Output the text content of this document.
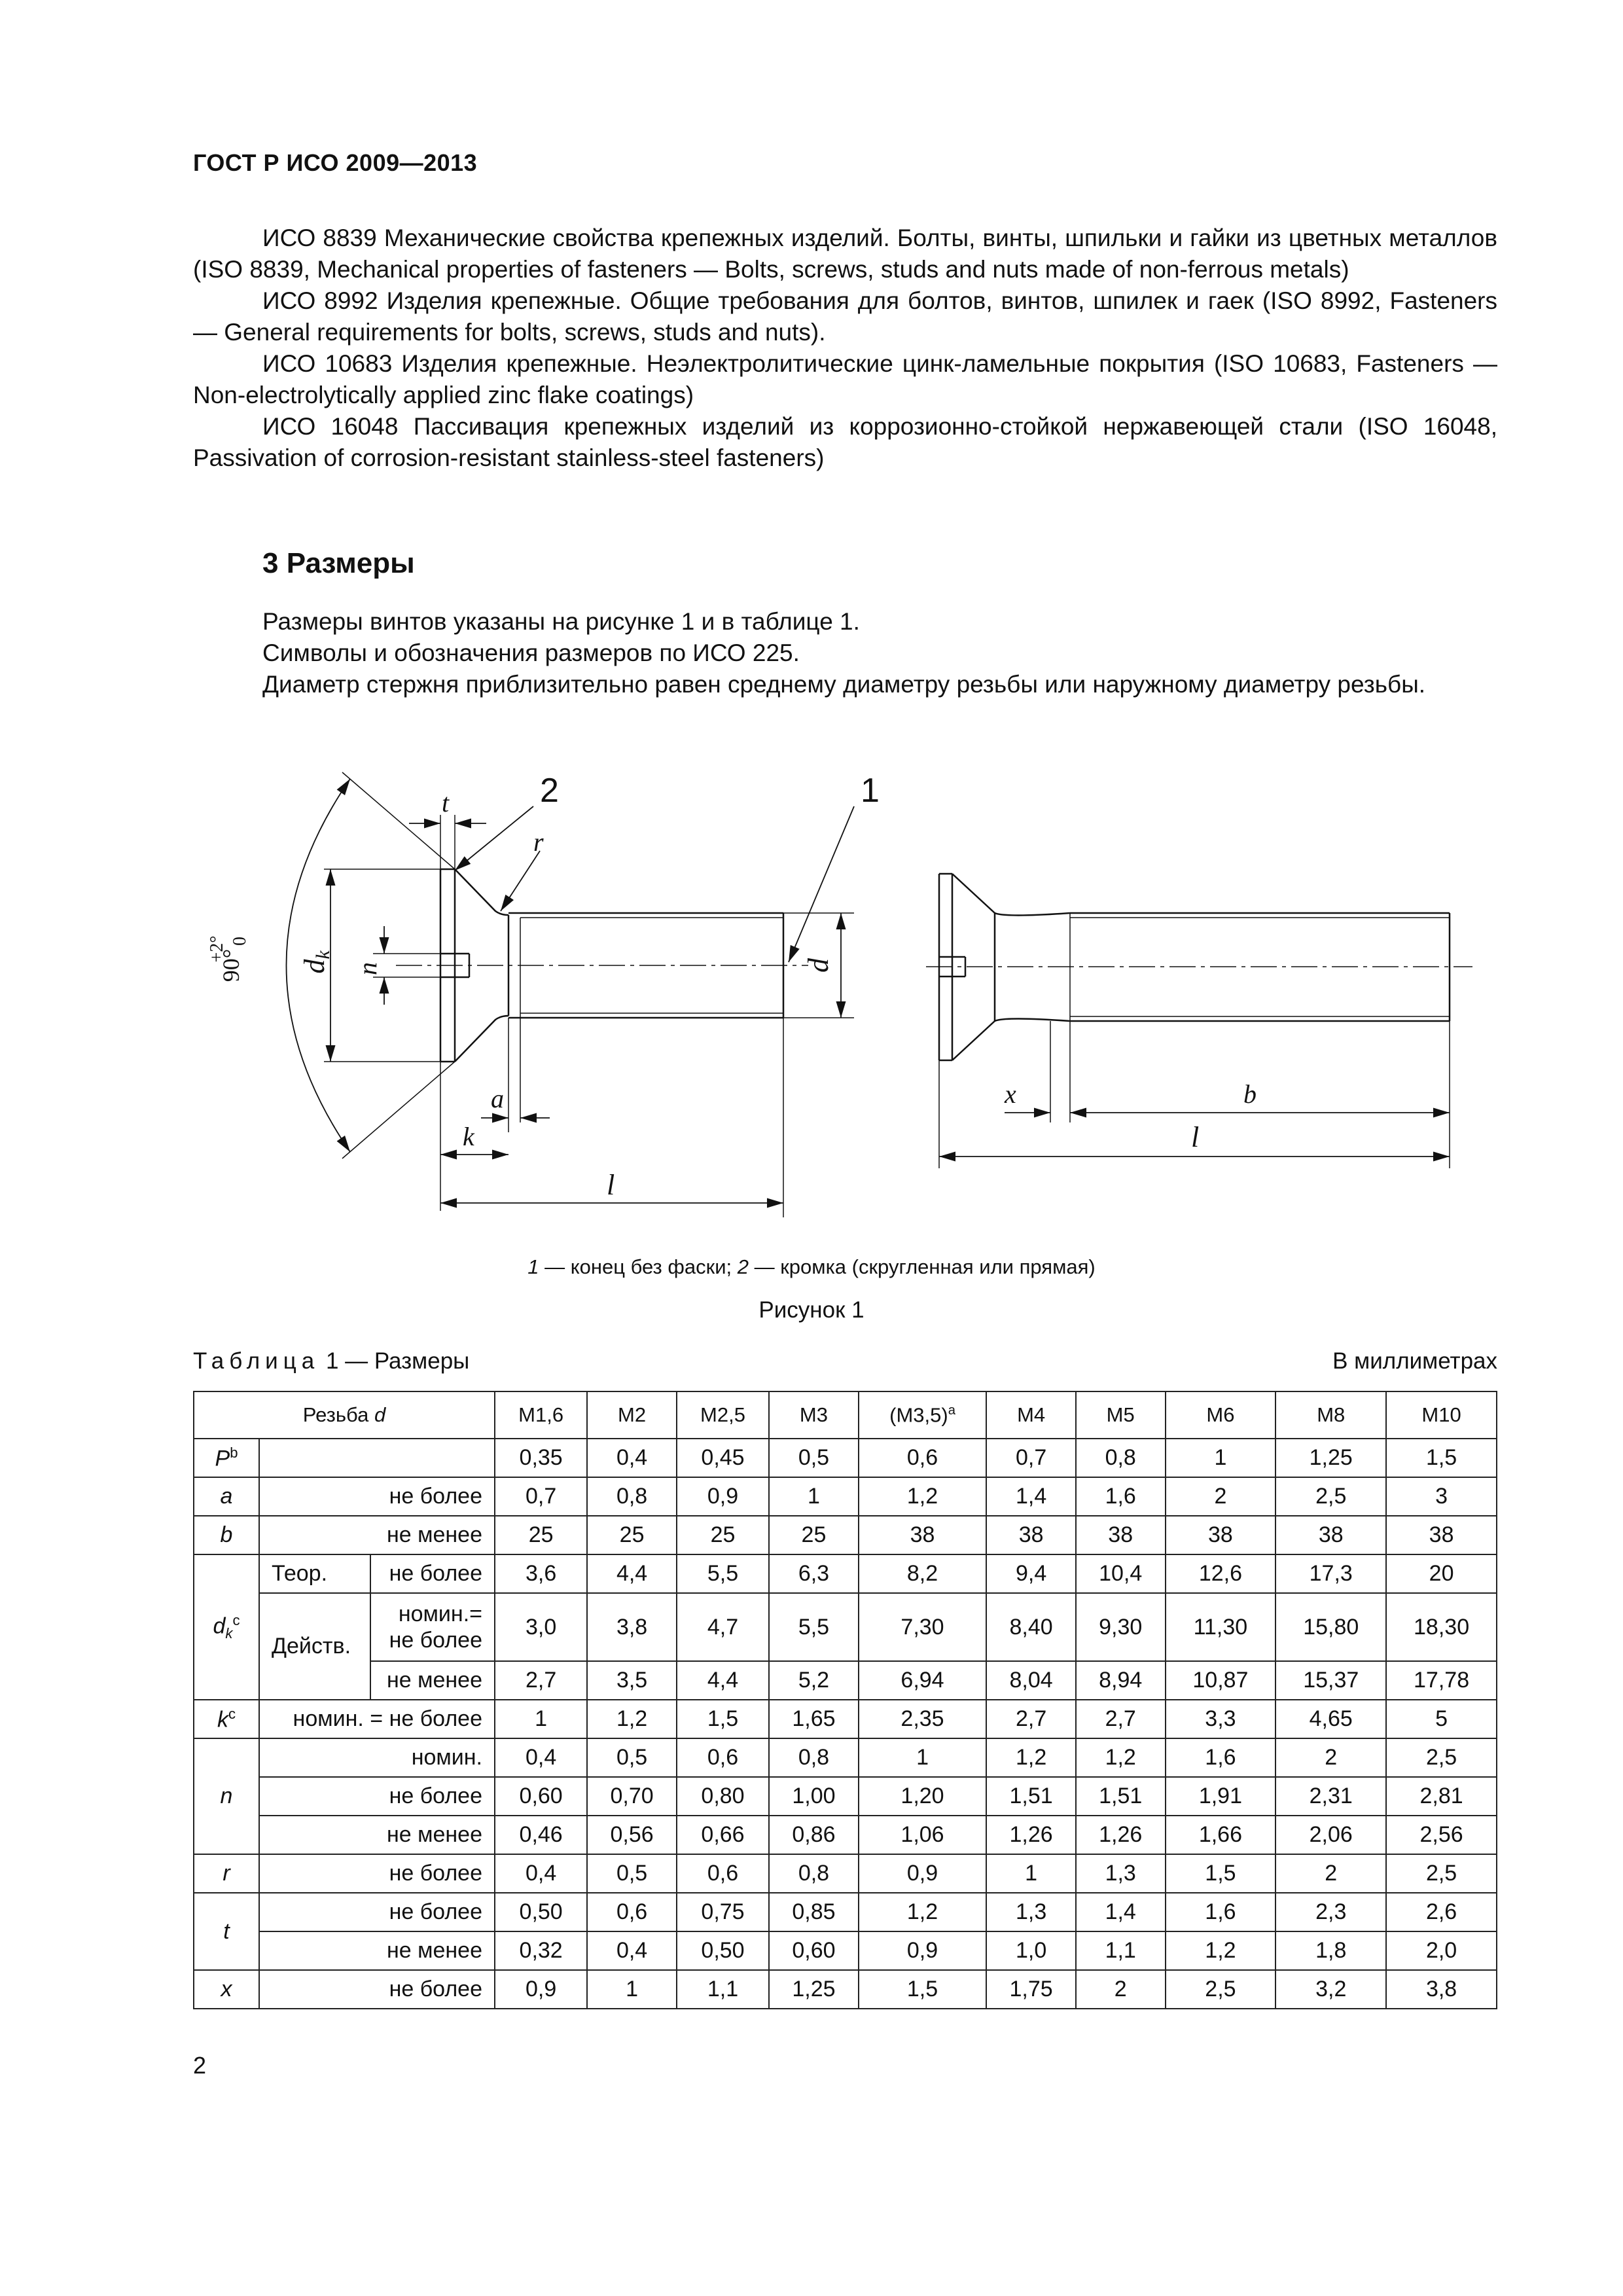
ГОСТ Р ИСО 2009—2013

ИСО 8839 Механические свойства крепежных изделий. Болты, винты, шпильки и гайки из цветных металлов (ISO 8839, Mechanical properties of fasteners — Bolts, screws, studs and nuts made of non-ferrous metals)

ИСО 8992 Изделия крепежные. Общие требования для болтов, винтов, шпилек и гаек (ISO 8992, Fasteners — General requirements for bolts, screws, studs and nuts).

ИСО 10683 Изделия крепежные. Неэлектролитические цинк-ламельные покрытия (ISO 10683, Fasteners — Non-electrolytically applied zinc flake coatings)

ИСО 16048 Пассивация крепежных изделий из коррозионно-стойкой нержавеющей стали (ISO 16048, Passivation of corrosion-resistant stainless-steel fasteners)

3 Размеры

Размеры винтов указаны на рисунке 1 и в таблице 1.

Символы и обозначения размеров по ИСО 225.

Диаметр стержня приблизительно равен среднему диаметру резьбы или наружному диаметру резьбы.

t	2	1
r
dk
n	d
90°
+2° 0
a
k
l
x	b
l
1 — конец без фаски; 2 — кромка (скругленная или прямая)
Рисунок 1
Таблица 1 — Размеры	В миллиметрах
Резьба d			M1,6	M2	M2,5	M3	$(M3,5)^a$	M4	M5	M6	M8	M10
$P^b$			0,35	0,4	0,45	0,5	0,6	0,7	0,8	1	1,25	1,5
a	не более		0,7	0,8	0,9	1	1,2	1,4	1,6	2	2,5	3
b	не менее		25	25	25	25	38	38	38	38	38	38
$d_k^c$	Теор.	не более	3,6	4,4	5,5	6,3	8,2	9,4	10,4	12,6	17,3	20
	Действ.	номин.=
не более	3,0	3,8	4,7	5,5	7,30	8,40	9,30	11,30	15,80	18,30
		не менее	2,7	3,5	4,4	5,2	6,94	8,04	8,94	10,87	15,37	17,78
$k^c$	номин. = не более		1	1,2	1,5	1,65	2,35	2,7	2,7	3,3	4,65	5
n	номин.		0,4	0,5	0,6	0,8	1	1,2	1,2	1,6	2	2,5
	не более		0,60	0,70	0,80	1,00	1,20	1,51	1,51	1,91	2,31	2,81
	не менее		0,46	0,56	0,66	0,86	1,06	1,26	1,26	1,66	2,06	2,56
r	не более		0,4	0,5	0,6	0,8	0,9	1	1,3	1,5	2	2,5
t	не более		0,50	0,6	0,75	0,85	1,2	1,3	1,4	1,6	2,3	2,6
	не менее		0,32	0,4	0,50	0,60	0,9	1,0	1,1	1,2	1,8	2,0
x	не более		0,9	1	1,1	1,25	1,5	1,75	2	2,5	3,2	3,8
2
